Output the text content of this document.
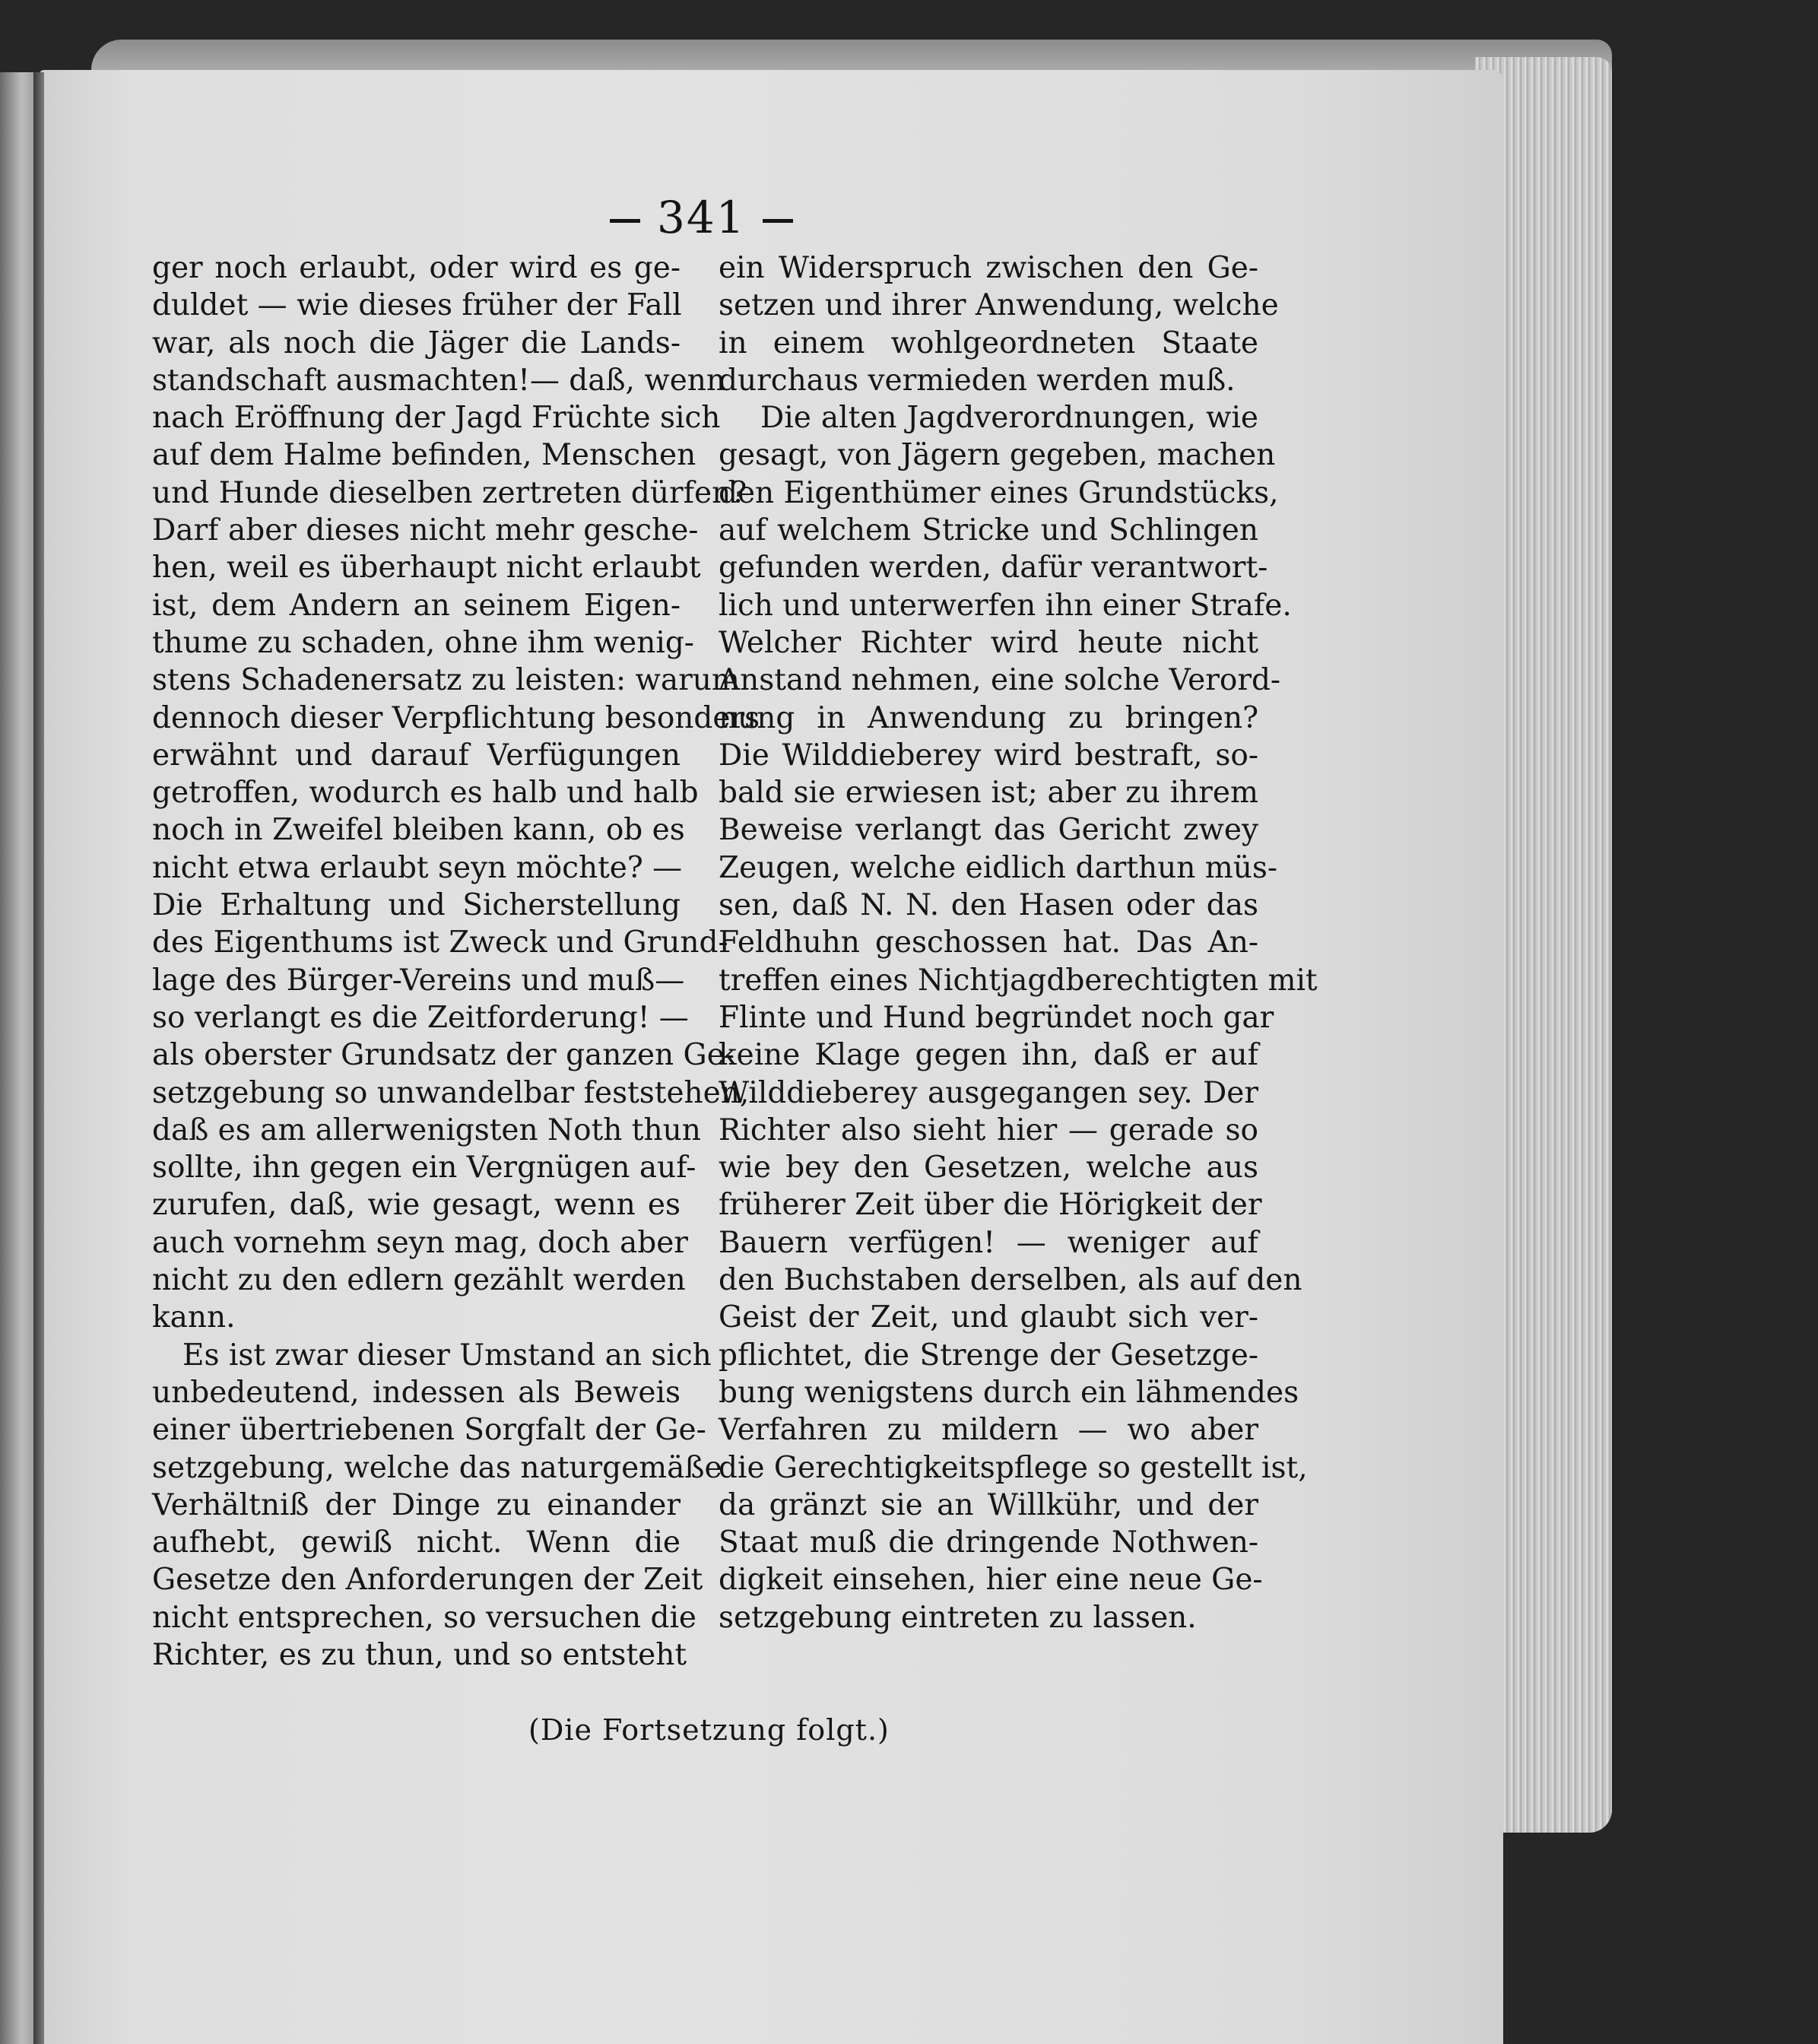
341
ger noch erlaubt, oder wird es ge-
duldet — wie dieses früher der Fall
war, als noch die Jäger die Lands-
standschaft ausmachten!— daß, wenn
nach Eröffnung der Jagd Früchte sich
auf dem Halme befinden, Menschen
und Hunde dieselben zertreten dürfen?
Darf aber dieses nicht mehr gesche-
hen, weil es überhaupt nicht erlaubt
ist, dem Andern an seinem Eigen-
thume zu schaden, ohne ihm wenig-
stens Schadenersatz zu leisten: warum
dennoch dieser Verpflichtung besonders
erwähnt und darauf Verfügungen
getroffen, wodurch es halb und halb
noch in Zweifel bleiben kann, ob es
nicht etwa erlaubt seyn möchte? —
Die Erhaltung und Sicherstellung
des Eigenthums ist Zweck und Grund-
lage des Bürger-Vereins und muß—
so verlangt es die Zeitforderung! —
als oberster Grundsatz der ganzen Ge-
setzgebung so unwandelbar feststehen,
daß es am allerwenigsten Noth thun
sollte, ihn gegen ein Vergnügen auf-
zurufen, daß, wie gesagt, wenn es
auch vornehm seyn mag, doch aber
nicht zu den edlern gezählt werden
kann.
Es ist zwar dieser Umstand an sich
unbedeutend, indessen als Beweis
einer übertriebenen Sorgfalt der Ge-
setzgebung, welche das naturgemäße
Verhältniß der Dinge zu einander
aufhebt, gewiß nicht. Wenn die
Gesetze den Anforderungen der Zeit
nicht entsprechen, so versuchen die
Richter, es zu thun, und so entsteht
ein Widerspruch zwischen den Ge-
setzen und ihrer Anwendung, welche
in einem wohlgeordneten Staate
durchaus vermieden werden muß.
Die alten Jagdverordnungen, wie
gesagt, von Jägern gegeben, machen
den Eigenthümer eines Grundstücks,
auf welchem Stricke und Schlingen
gefunden werden, dafür verantwort-
lich und unterwerfen ihn einer Strafe.
Welcher Richter wird heute nicht
Anstand nehmen, eine solche Verord-
nung in Anwendung zu bringen?
Die Wilddieberey wird bestraft, so-
bald sie erwiesen ist; aber zu ihrem
Beweise verlangt das Gericht zwey
Zeugen, welche eidlich darthun müs-
sen, daß N. N. den Hasen oder das
Feldhuhn geschossen hat. Das An-
treffen eines Nichtjagdberechtigten mit
Flinte und Hund begründet noch gar
keine Klage gegen ihn, daß er auf
Wilddieberey ausgegangen sey. Der
Richter also sieht hier — gerade so
wie bey den Gesetzen, welche aus
früherer Zeit über die Hörigkeit der
Bauern verfügen! — weniger auf
den Buchstaben derselben, als auf den
Geist der Zeit, und glaubt sich ver-
pflichtet, die Strenge der Gesetzge-
bung wenigstens durch ein lähmendes
Verfahren zu mildern — wo aber
die Gerechtigkeitspflege so gestellt ist,
da gränzt sie an Willkühr, und der
Staat muß die dringende Nothwen-
digkeit einsehen, hier eine neue Ge-
setzgebung eintreten zu lassen.
(Die Fortsetzung folgt.)
